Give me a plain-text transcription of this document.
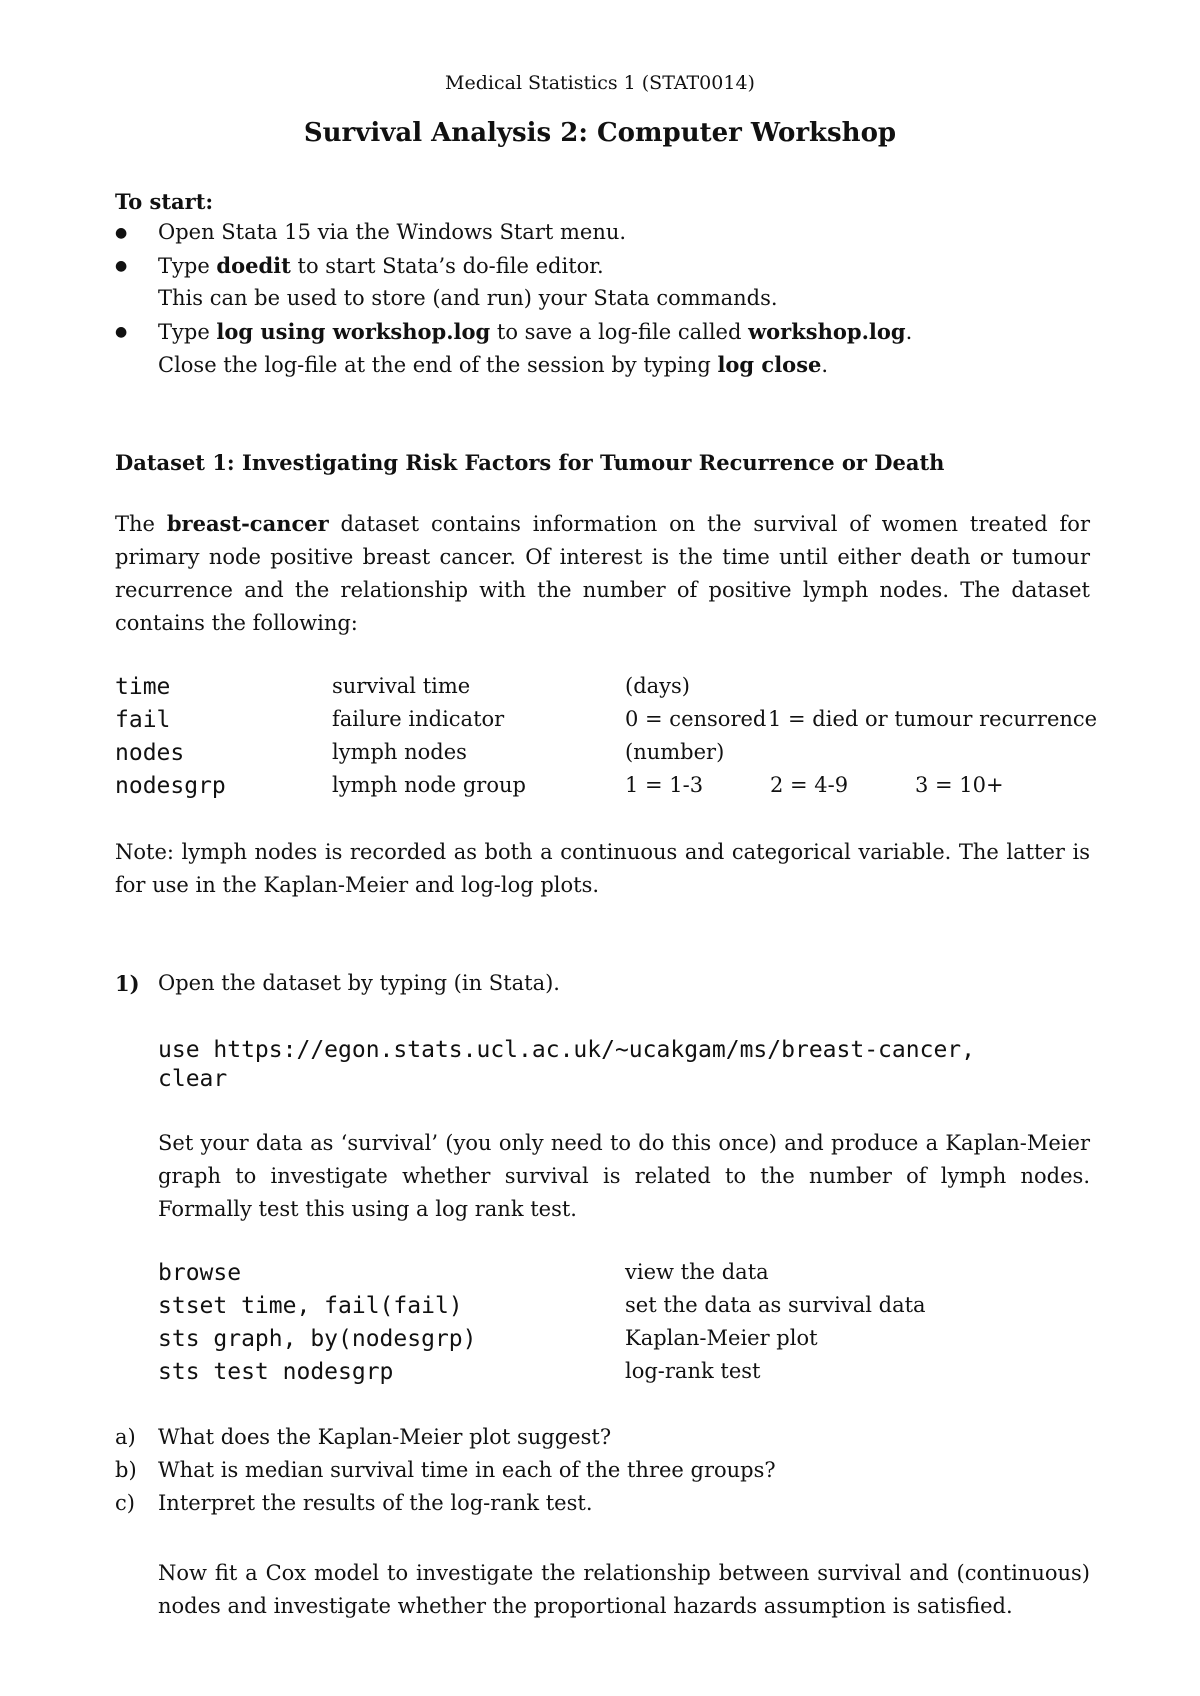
Medical Statistics 1 (STAT0014)
Survival Analysis 2: Computer Workshop
To start:
● Open Stata 15 via the Windows Start menu.
● Type doedit to start Stata’s do-file editor.
This can be used to store (and run) your Stata commands.
● Type log using workshop.log to save a log-file called workshop.log.
Close the log-file at the end of the session by typing log close.
Dataset 1: Investigating Risk Factors for Tumour Recurrence or Death
The breast-cancer dataset contains information on the survival of women treated for primary node positive breast cancer. Of interest is the time until either death or tumour recurrence and the relationship with the number of positive lymph nodes. The dataset contains the following:
time	survival time	(days)
fail	failure indicator	0 = censored 1 = died or tumour recurrence
nodes	lymph nodes	(number)
nodesgrp	lymph node group	1 = 1-3	2 = 4-9	3 = 10+
Note: lymph nodes is recorded as both a continuous and categorical variable. The latter is for use in the Kaplan-Meier and log-log plots.
1) Open the dataset by typing (in Stata).
use https://egon.stats.ucl.ac.uk/~ucakgam/ms/breast-cancer,
clear
Set your data as ‘survival’ (you only need to do this once) and produce a Kaplan-Meier graph to investigate whether survival is related to the number of lymph nodes. Formally test this using a log rank test.
browse	view the data
stset time, fail(fail)	set the data as survival data
sts graph, by(nodesgrp)	Kaplan-Meier plot
sts test nodesgrp	log-rank test
a) What does the Kaplan-Meier plot suggest?
b) What is median survival time in each of the three groups?
c) Interpret the results of the log-rank test.
Now fit a Cox model to investigate the relationship between survival and (continuous) nodes and investigate whether the proportional hazards assumption is satisfied.
